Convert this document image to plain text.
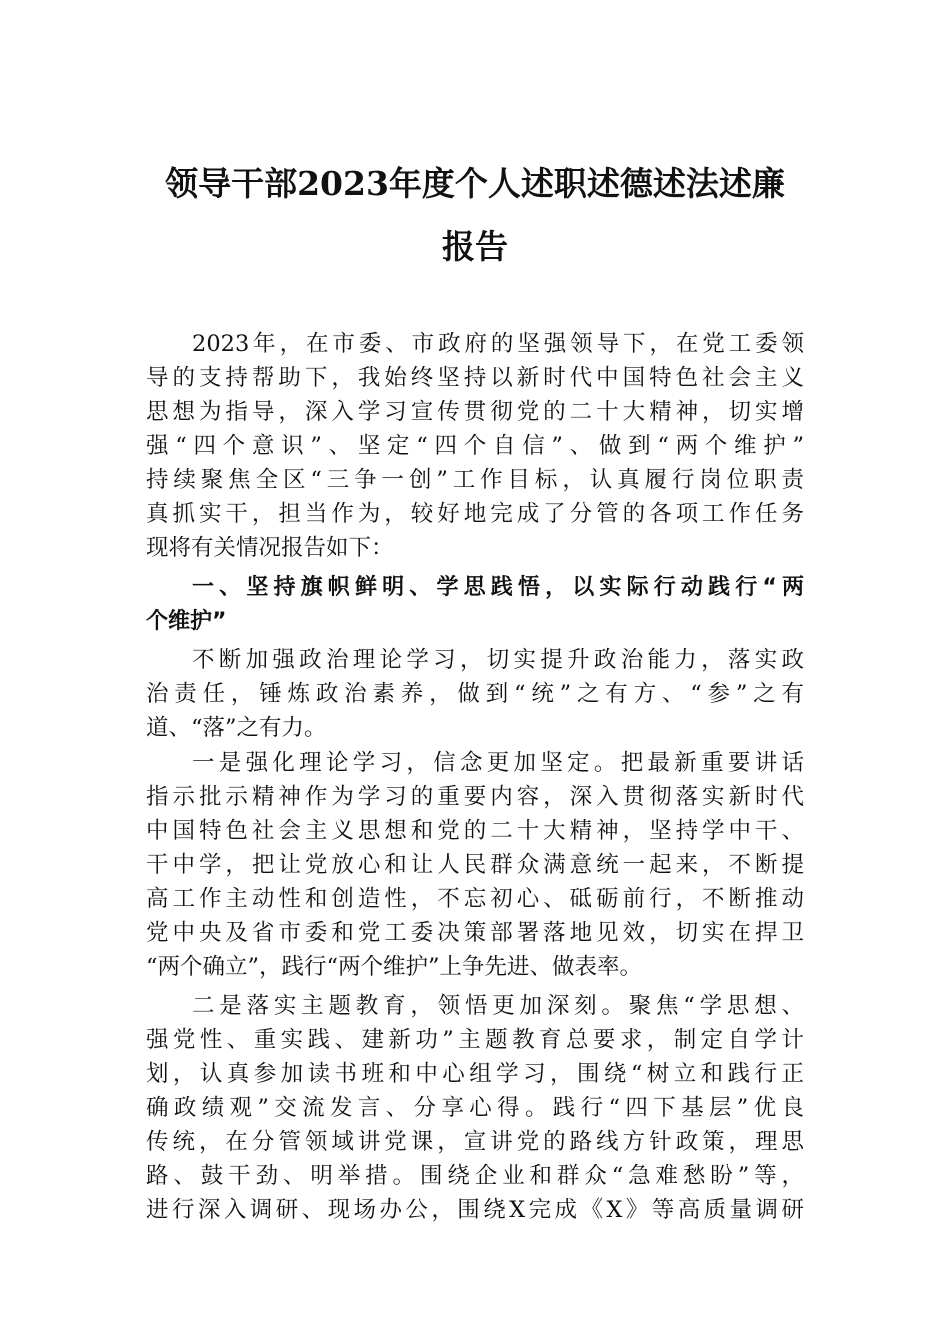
领导干部2023年度个人述职述德述法述廉
报告
2023年，在市委、市政府的坚强领导下，在党工委领
导的支持帮助下，我始终坚持以新时代中国特色社会主义
思想为指导，深入学习宣传贯彻党的二十大精神，切实增
强“四个意识”、坚定“四个自信”、做到“两个维护”
持续聚焦全区“三争一创”工作目标，认真履行岗位职责
真抓实干，担当作为，较好地完成了分管的各项工作任务
现将有关情况报告如下：
一、坚持旗帜鲜明、学思践悟，以实际行动践行“两
个维护”
不断加强政治理论学习，切实提升政治能力，落实政
治责任，锤炼政治素养，做到“统”之有方、“参”之有
道、“落”之有力。
一是强化理论学习，信念更加坚定。把最新重要讲话
指示批示精神作为学习的重要内容，深入贯彻落实新时代
中国特色社会主义思想和党的二十大精神，坚持学中干、
干中学，把让党放心和让人民群众满意统一起来，不断提
高工作主动性和创造性，不忘初心、砥砺前行，不断推动
党中央及省市委和党工委决策部署落地见效，切实在捍卫
“两个确立”，践行“两个维护”上争先进、做表率。
二是落实主题教育，领悟更加深刻。聚焦“学思想、
强党性、重实践、建新功”主题教育总要求，制定自学计
划，认真参加读书班和中心组学习，围绕“树立和践行正
确政绩观”交流发言、分享心得。践行“四下基层”优良
传统，在分管领域讲党课，宣讲党的路线方针政策，理思
路、鼓干劲、明举措。围绕企业和群众“急难愁盼”等，
进行深入调研、现场办公，围绕X完成《X》等高质量调研
